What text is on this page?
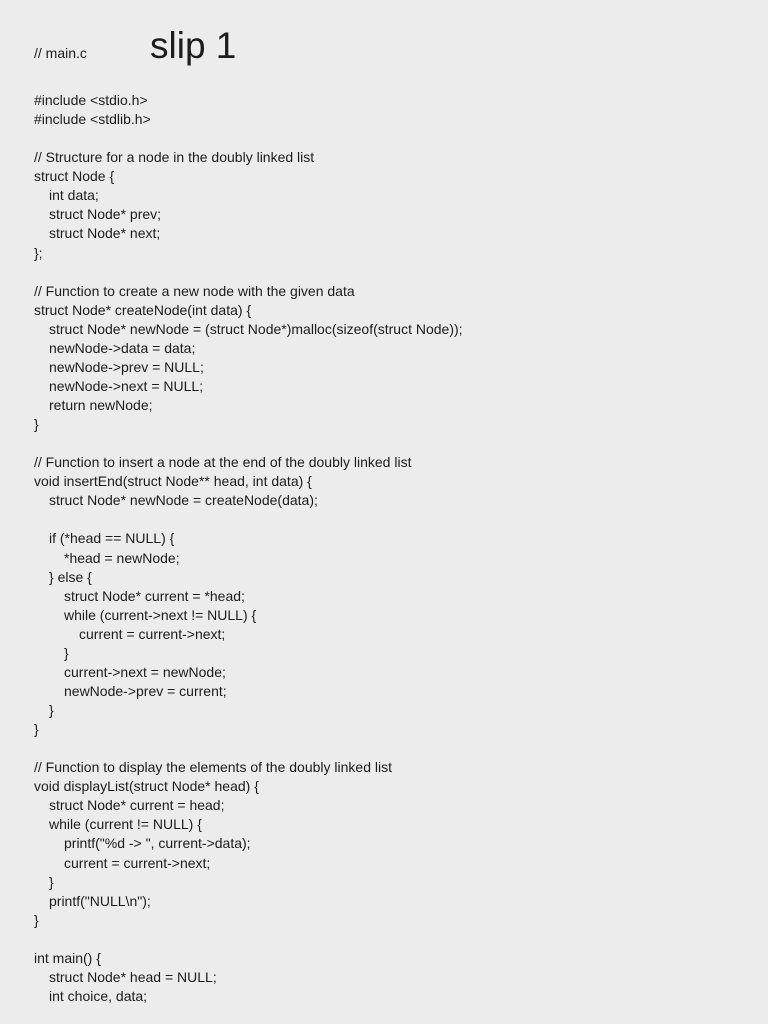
// main.c slip 1
#include <stdio.h>
#include <stdlib.h>
// Structure for a node in the doubly linked list
struct Node {
int data;
struct Node* prev;
struct Node* next;
};
// Function to create a new node with the given data
struct Node* createNode(int data) {
struct Node* newNode = (struct Node*)malloc(sizeof(struct Node));
newNode->data = data;
newNode->prev = NULL;
newNode->next = NULL;
return newNode;
}
// Function to insert a node at the end of the doubly linked list
void insertEnd(struct Node** head, int data) {
struct Node* newNode = createNode(data);
if (*head == NULL) {
*head = newNode;
} else {
struct Node* current = *head;
while (current->next != NULL) {
current = current->next;
}
current->next = newNode;
newNode->prev = current;
}
}
// Function to display the elements of the doubly linked list
void displayList(struct Node* head) {
struct Node* current = head;
while (current != NULL) {
printf("%d -> ", current->data);
current = current->next;
}
printf("NULL\n");
}
int main() {
struct Node* head = NULL;
int choice, data;
